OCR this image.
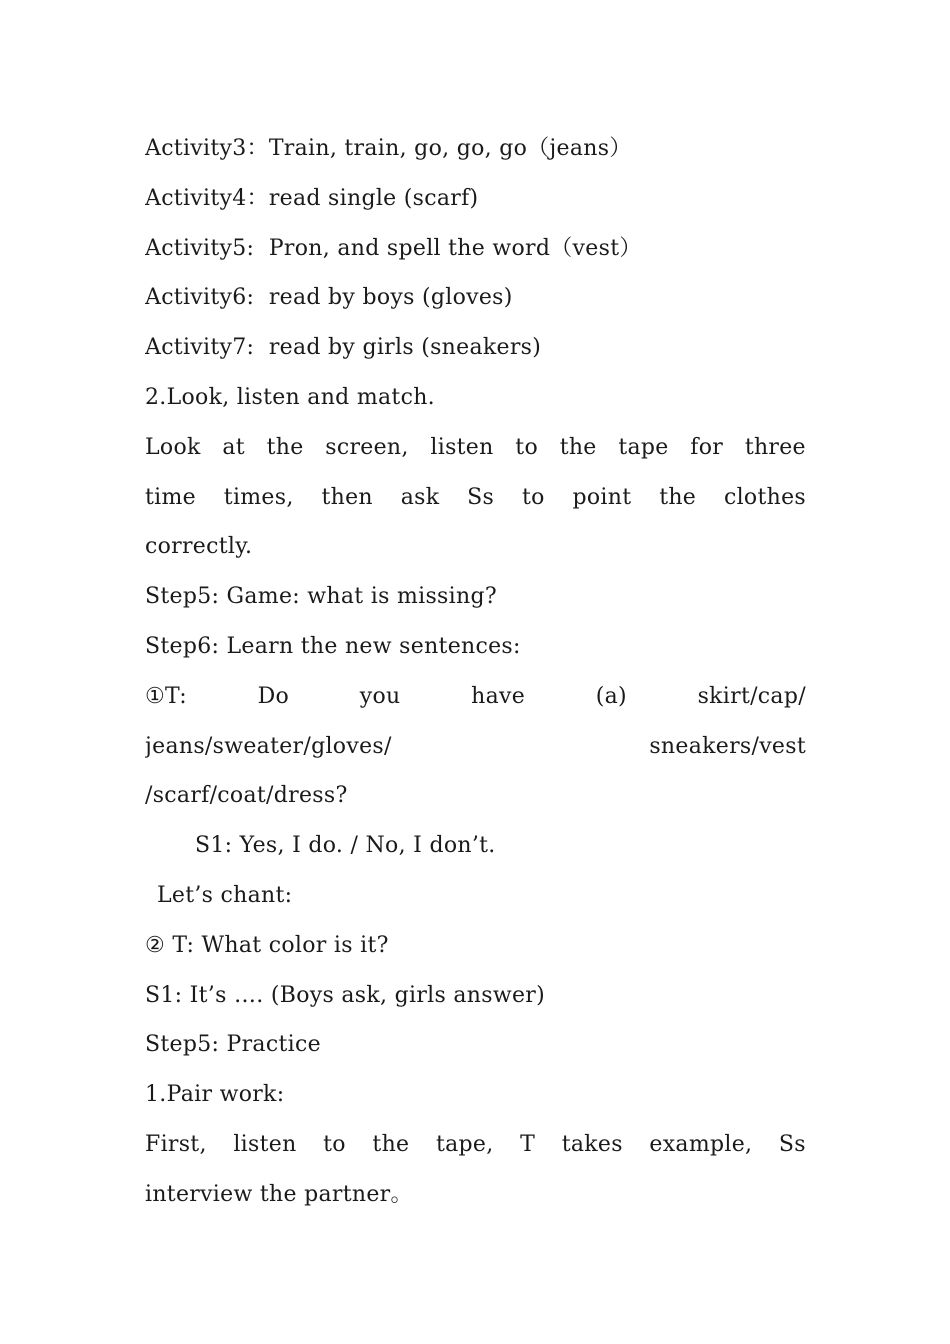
Activity3：Train, train, go, go, go（jeans）
Activity4：read single (scarf)
Activity5:  Pron, and spell the word（vest）
Activity6:  read by boys (gloves)
Activity7:  read by girls (sneakers)
2.Look, listen and match.
Look at the screen, listen to the tape for three
time times, then ask Ss to point the clothes
correctly.
Step5: Game: what is missing?
Step6: Learn the new sentences:
①T:	Do	you	have	(a)	skirt/cap/
jeans/sweater/gloves/	sneakers/vest
/scarf/coat/dress?
S1: Yes, I do. / No, I don’t.
Let’s chant:
② T: What color is it?
S1: It’s …. (Boys ask, girls answer)
Step5: Practice
1.Pair work:
First, listen to the tape, T takes example, Ss
interview the partner。
